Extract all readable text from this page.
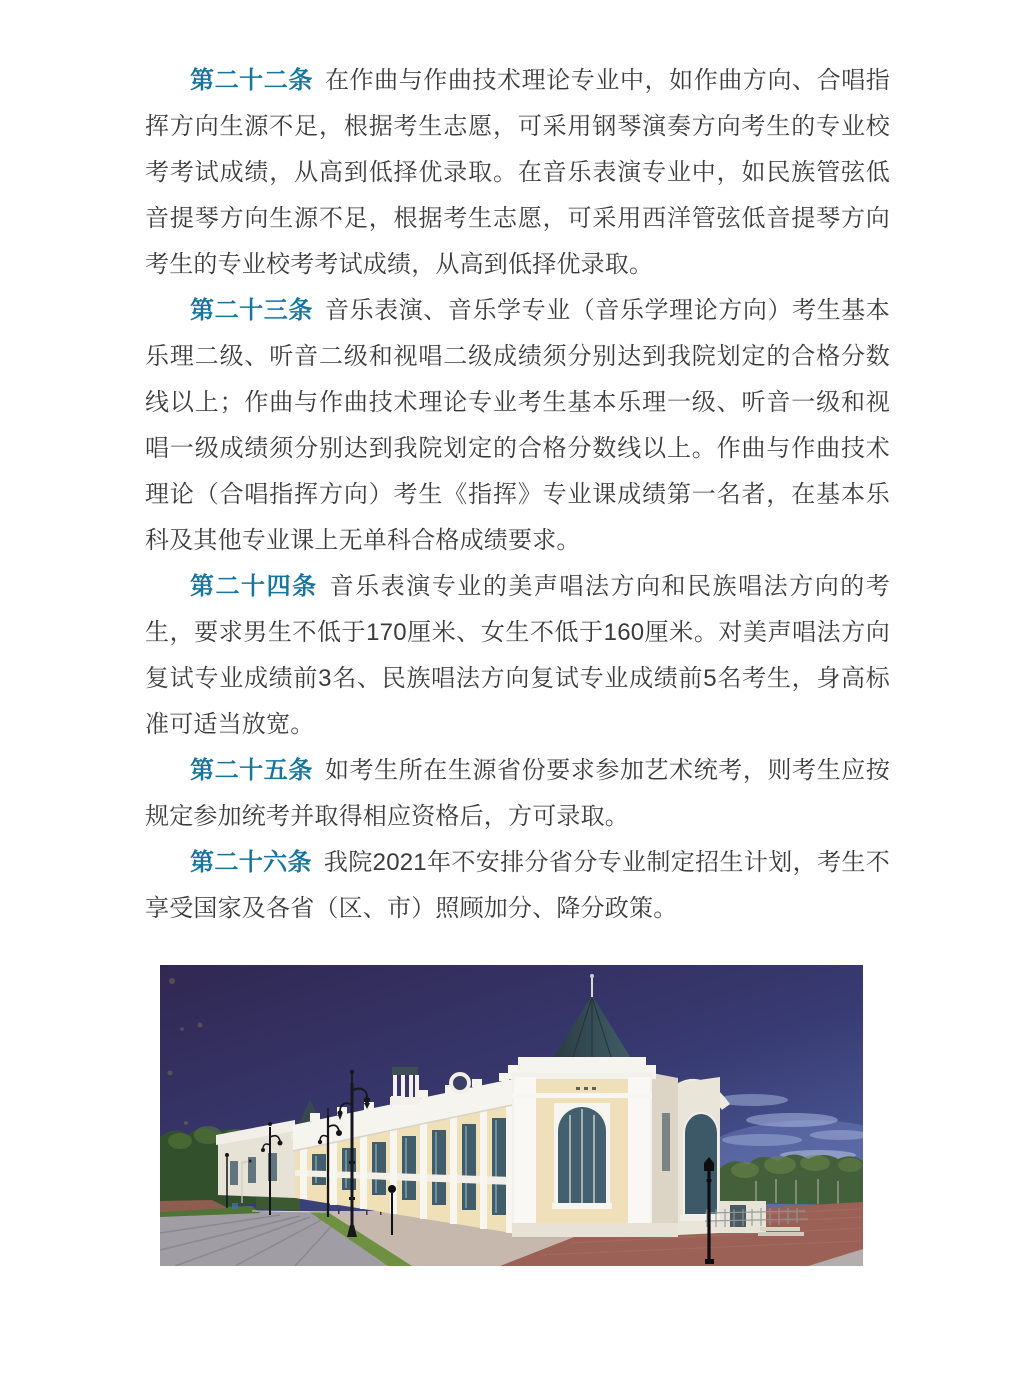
第二十二条 在作曲与作曲技术理论专业中，如作曲方向、合唱指挥方向生源不足，根据考生志愿，可采用钢琴演奏方向考生的专业校考考试成绩，从高到低择优录取。在音乐表演专业中，如民族管弦低音提琴方向生源不足，根据考生志愿，可采用西洋管弦低音提琴方向考生的专业校考考试成绩，从高到低择优录取。

第二十三条 音乐表演、音乐学专业（音乐学理论方向）考生基本乐理二级、听音二级和视唱二级成绩须分别达到我院划定的合格分数线以上；作曲与作曲技术理论专业考生基本乐理一级、听音一级和视唱一级成绩须分别达到我院划定的合格分数线以上。作曲与作曲技术理论（合唱指挥方向）考生《指挥》专业课成绩第一名者，在基本乐科及其他专业课上无单科合格成绩要求。

第二十四条 音乐表演专业的美声唱法方向和民族唱法方向的考生，要求男生不低于170厘米、女生不低于160厘米。对美声唱法方向复试专业成绩前3名、民族唱法方向复试专业成绩前5名考生，身高标准可适当放宽。

第二十五条 如考生所在生源省份要求参加艺术统考，则考生应按规定参加统考并取得相应资格后，方可录取。

第二十六条 我院2021年不安排分省分专业制定招生计划，考生不享受国家及各省（区、市）照顾加分、降分政策。
